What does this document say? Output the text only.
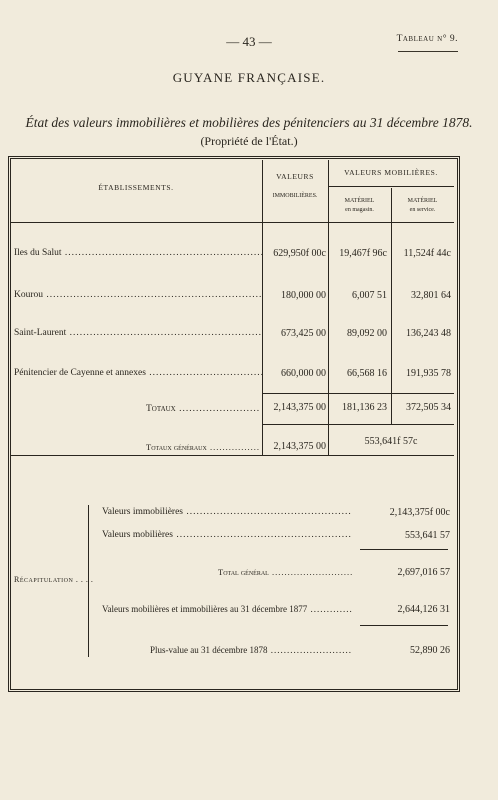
— 43 —	Tableau n° 9.
GUYANE FRANÇAISE.
État des valeurs immobilières et mobilières des pénitenciers au 31 décembre 1878.
(Propriété de l'État.)
ÉTABLISSEMENTS.
VALEURS
IMMOBILIÈRES.
VALEURS MOBILIÈRES.
MATÉRIEL
en magasin.
MATÉRIEL
en service.
Îles du Salut .....	629,950f 00c	19,467f 96c	11,524f 44c
Kourou .....	180,000 00	6,007 51	32,801 64
Saint-Laurent .....	673,425 00	89,092 00	136,243 48
Pénitencier de Cayenne et annexes .....	660,000 00	66,568 16	191,935 78
Totaux .....	2,143,375 00	181,136 23	372,505 34
Totaux généraux .....	2,143,375 00	553,641f 57c
Récapitulation . . . .
Valeurs immobilières .....	2,143,375f 00c
Valeurs mobilières .....	553,641 57
Total général .....	2,697,016 57
Valeurs mobilières et immobilières au 31 décembre 1877 .....	2,644,126 31
Plus-value au 31 décembre 1878 .....	52,890 26
